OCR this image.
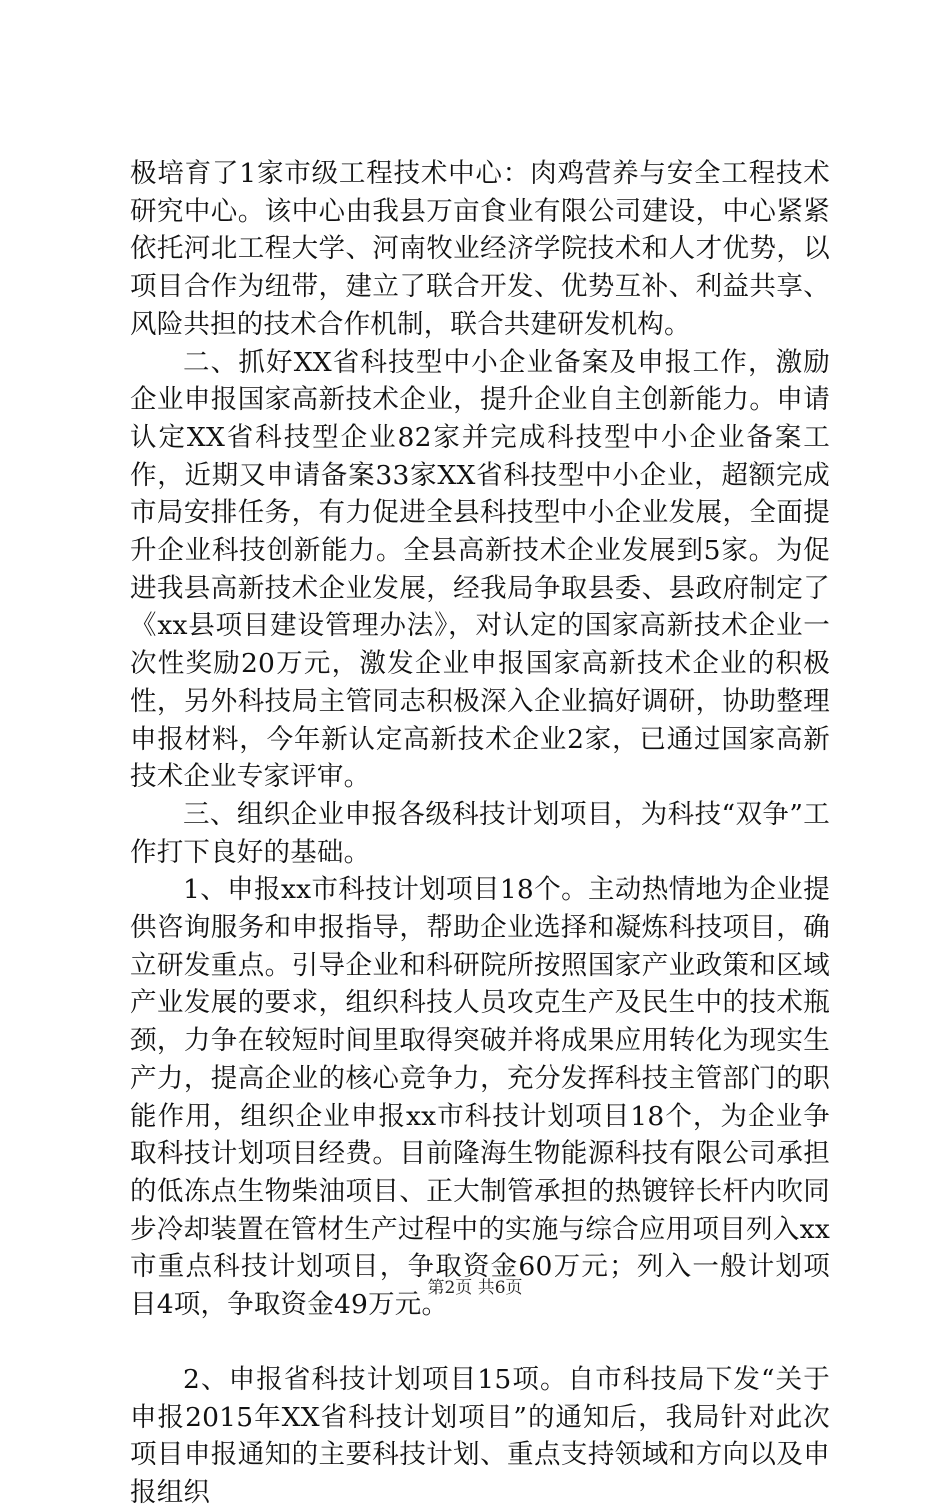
极培育了1家市级工程技术中心：肉鸡营养与安全工程技术研究中心。该中心由我县万亩食业有限公司建设，中心紧紧依托河北工程大学、河南牧业经济学院技术和人才优势，以项目合作为纽带，建立了联合开发、优势互补、利益共享、风险共担的技术合作机制，联合共建研发机构。

二、抓好XX省科技型中小企业备案及申报工作，激励企业申报国家高新技术企业，提升企业自主创新能力。申请认定XX省科技型企业82家并完成科技型中小企业备案工作，近期又申请备案33家XX省科技型中小企业，超额完成市局安排任务，有力促进全县科技型中小企业发展，全面提升企业科技创新能力。全县高新技术企业发展到5家。为促进我县高新技术企业发展，经我局争取县委、县政府制定了《xx县项目建设管理办法》，对认定的国家高新技术企业一次性奖励20万元，激发企业申报国家高新技术企业的积极性，另外科技局主管同志积极深入企业搞好调研，协助整理申报材料，今年新认定高新技术企业2家，已通过国家高新技术企业专家评审。

三、组织企业申报各级科技计划项目，为科技“双争”工作打下良好的基础。

1、申报xx市科技计划项目18个。主动热情地为企业提供咨询服务和申报指导，帮助企业选择和凝炼科技项目，确立研发重点。引导企业和科研院所按照国家产业政策和区域产业发展的要求，组织科技人员攻克生产及民生中的技术瓶颈，力争在较短时间里取得突破并将成果应用转化为现实生产力，提高企业的核心竞争力，充分发挥科技主管部门的职能作用，组织企业申报xx市科技计划项目18个，为企业争取科技计划项目经费。目前隆海生物能源科技有限公司承担的低冻点生物柴油项目、正大制管承担的热镀锌长杆内吹同步冷却装置在管材生产过程中的实施与综合应用项目列入xx市重点科技计划项目，争取资金60万元；列入一般计划项目4项，争取资金49万元。

2、申报省科技计划项目15项。自市科技局下发“关于申报2015年XX省科技计划项目”的通知后，我局针对此次项目申报通知的主要科技计划、重点支持领域和方向以及申报组织

第2页 共6页
